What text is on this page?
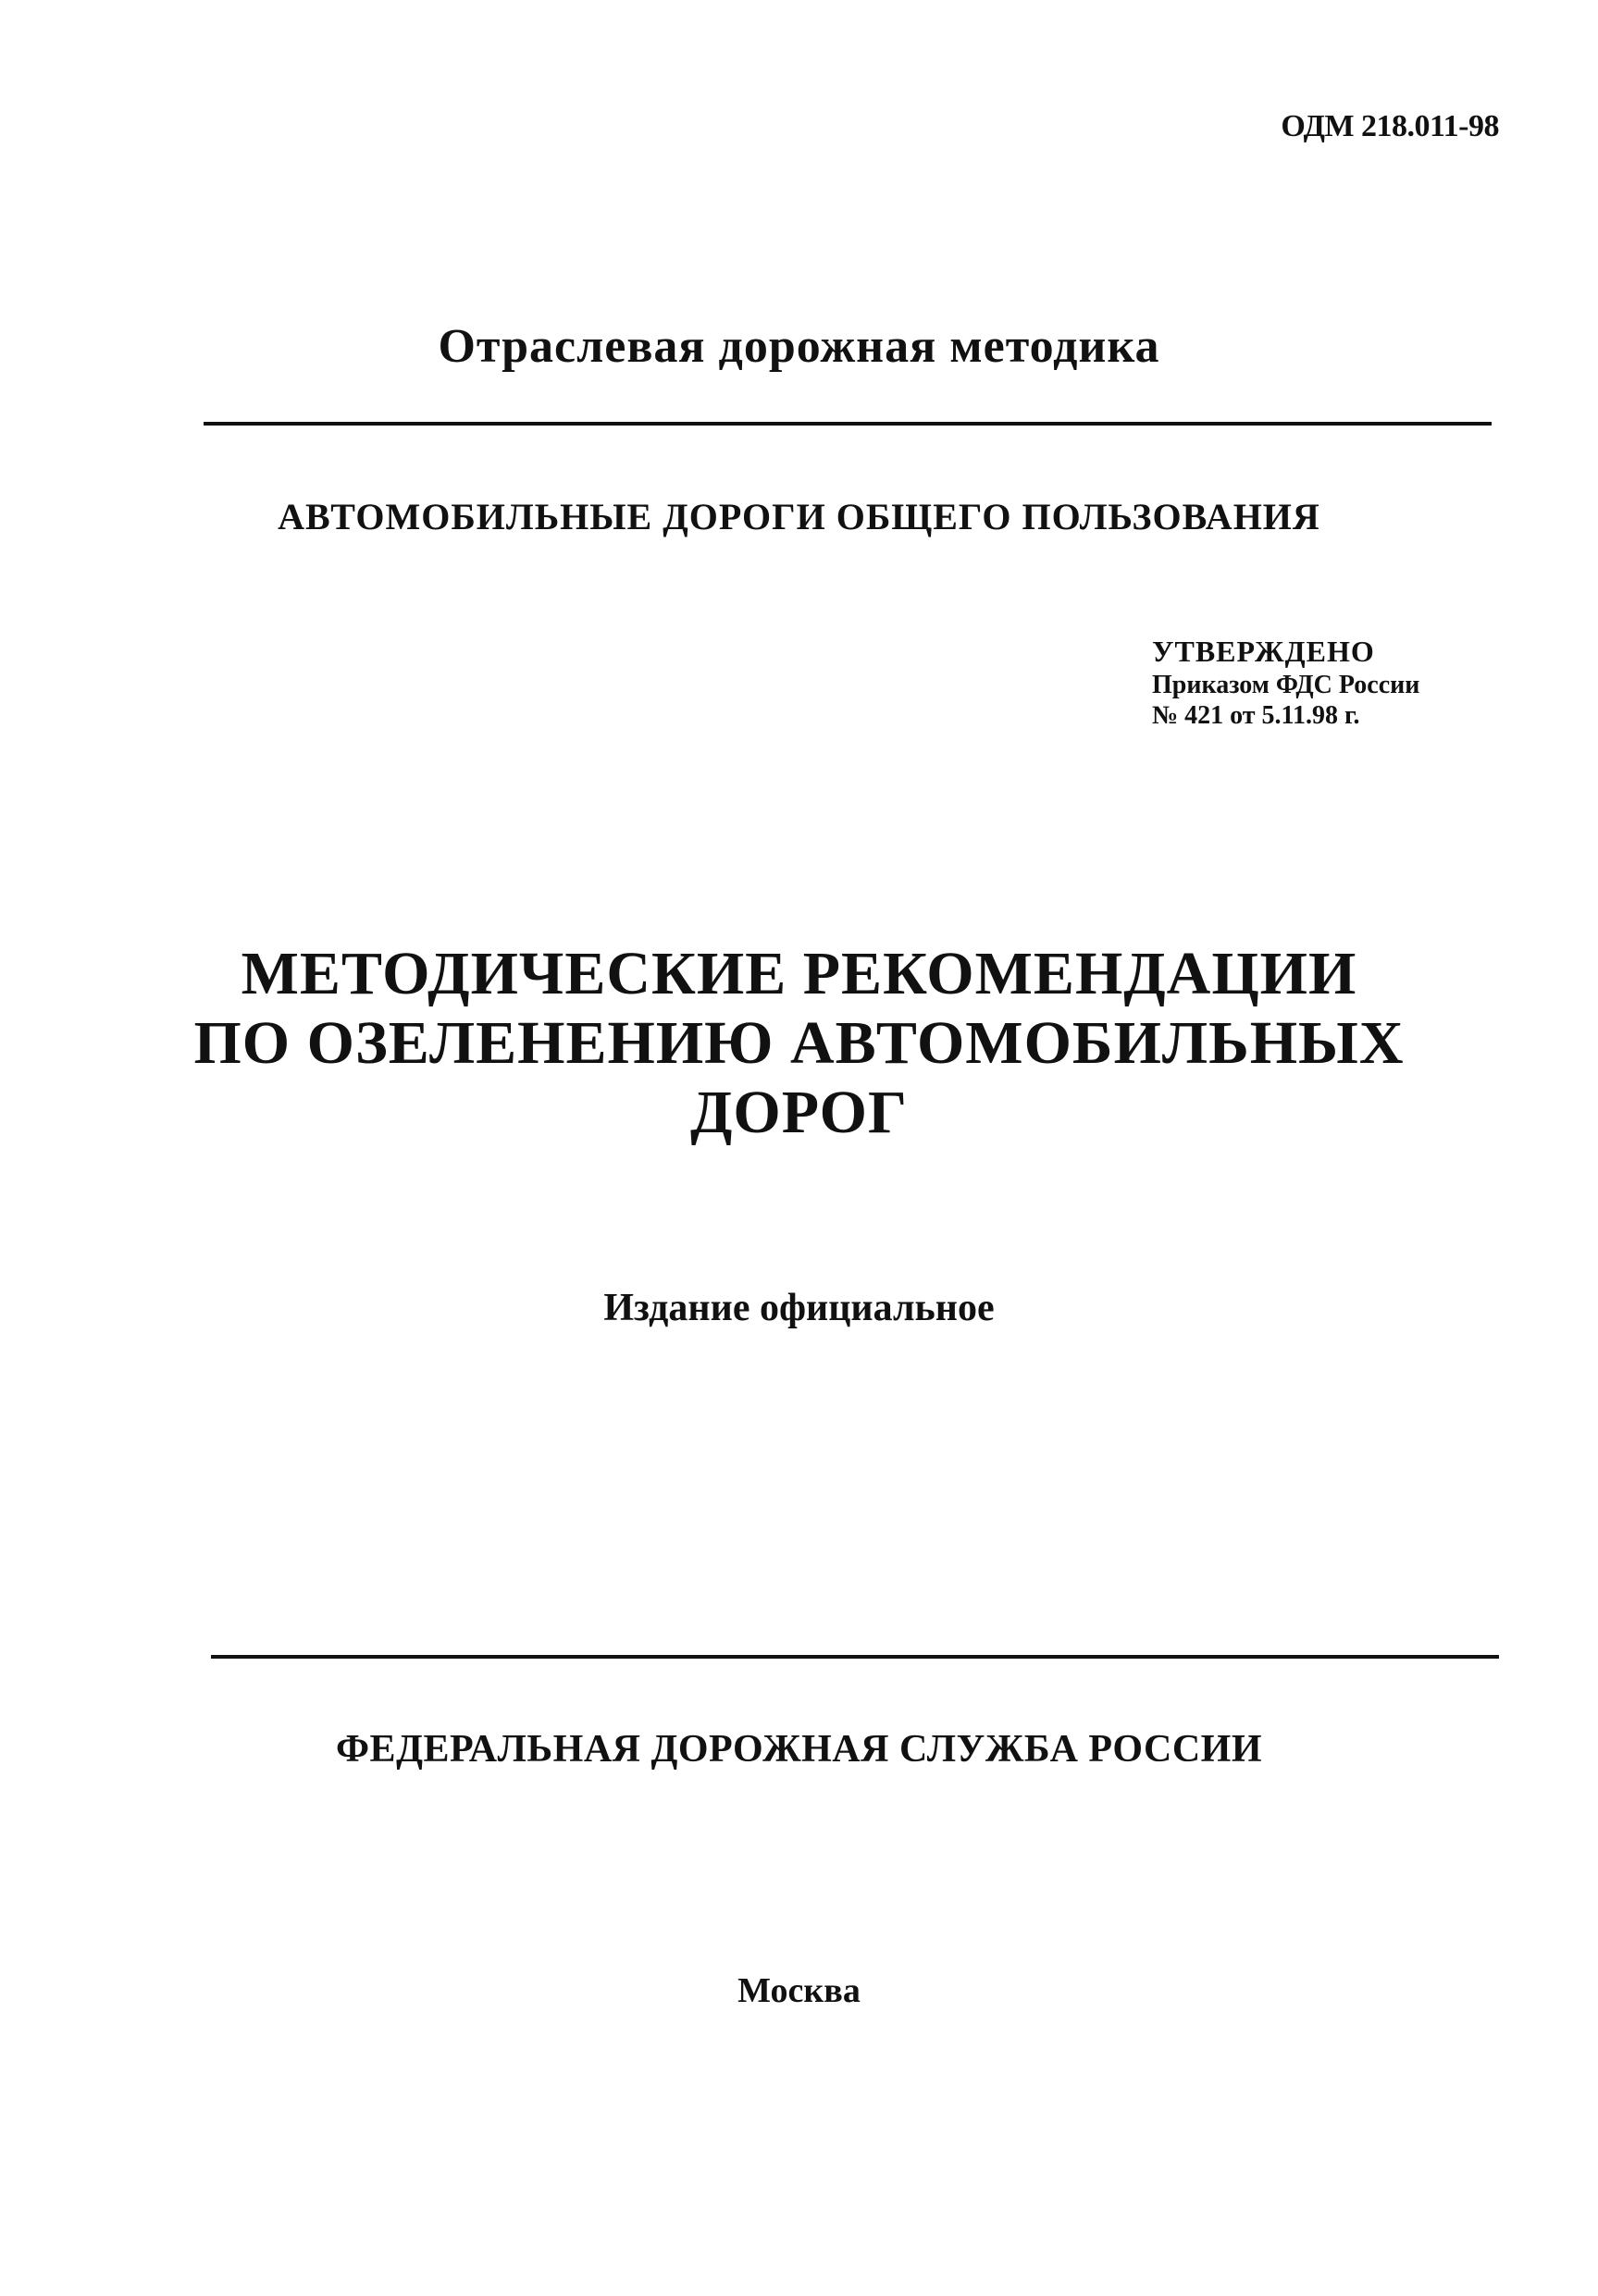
ОДМ 218.011-98
Отраслевая дорожная методика
АВТОМОБИЛЬНЫЕ ДОРОГИ ОБЩЕГО ПОЛЬЗОВАНИЯ
УТВЕРЖДЕНО
Приказом ФДС России
№ 421 от 5.11.98 г.
МЕТОДИЧЕСКИЕ РЕКОМЕНДАЦИИ
ПО ОЗЕЛЕНЕНИЮ АВТОМОБИЛЬНЫХ
ДОРОГ
Издание официальное
ФЕДЕРАЛЬНАЯ ДОРОЖНАЯ СЛУЖБА РОССИИ
Москва
